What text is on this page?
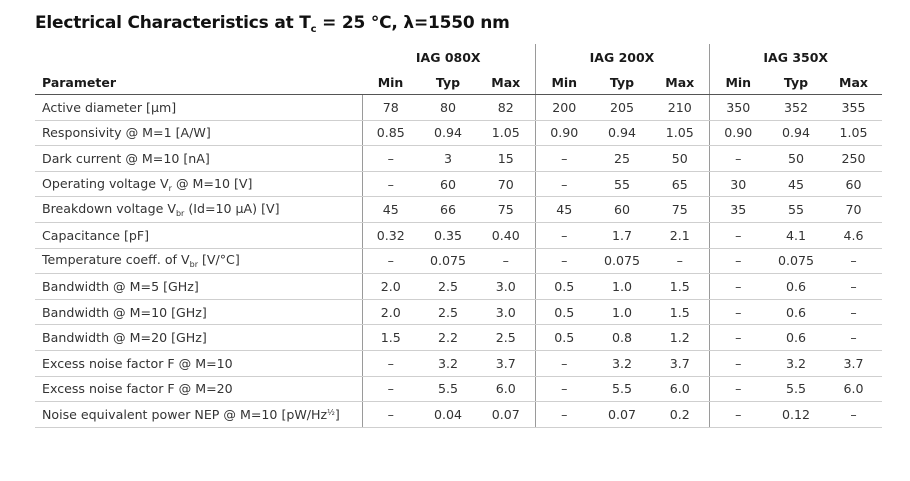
Electrical Characteristics at $T_c = 25$ °C, λ=1550 nm
	IAG 080X			IAG 200X			IAG 350X		
Parameter	Min	Typ	Max	Min	Typ	Max	Min	Typ	Max
Active diameter [µm]	78	80	82	200	205	210	350	352	355
Responsivity @ M=1 [A/W]	0.85	0.94	1.05	0.90	0.94	1.05	0.90	0.94	1.05
Dark current @ M=10 [nA]	–	3	15	–	25	50	–	50	250
Operating voltage $V_r$ @ M=10 [V]	–	60	70	–	55	65	30	45	60
Breakdown voltage $V_{br}$ (Id=10 µA) [V]	45	66	75	45	60	75	35	55	70
Capacitance [pF]	0.32	0.35	0.40	–	1.7	2.1	–	4.1	4.6
Temperature coeff. of $V_{br}$ [V/°C]	–	0.075	–	–	0.075	–	–	0.075	–
Bandwidth @ M=5 [GHz]	2.0	2.5	3.0	0.5	1.0	1.5	–	0.6	–
Bandwidth @ M=10 [GHz]	2.0	2.5	3.0	0.5	1.0	1.5	–	0.6	–
Bandwidth @ M=20 [GHz]	1.5	2.2	2.5	0.5	0.8	1.2	–	0.6	–
Excess noise factor F @ M=10	–	3.2	3.7	–	3.2	3.7	–	3.2	3.7
Excess noise factor F @ M=20	–	5.5	6.0	–	5.5	6.0	–	5.5	6.0
Noise equivalent power NEP @ M=10 $[pW/Hz^{\frac{1}{2}}]$	–	0.04	0.07	–	0.07	0.2	–	0.12	–
